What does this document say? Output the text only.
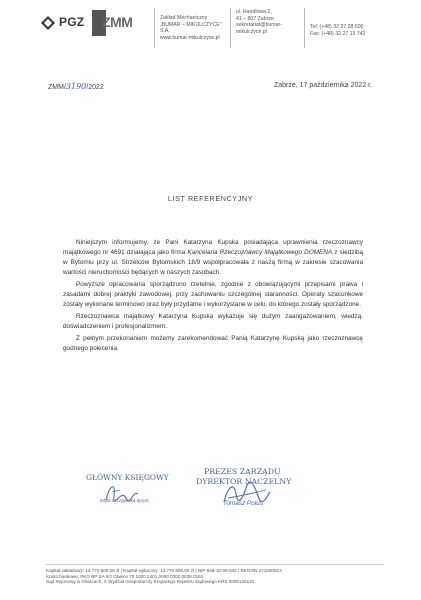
PGZ ZMM	Zakład Mechaniczny
„BUMAR – MIKULCZYCE"
S.A.
www.bumar-mikulczyce.pl
ul. Handlowa 2,
41 – 807 Zabrze
sekretariat@bumar-
mikulczyce.pl
Tel: (+48) 32 37 38 600
Fax: (+48) 32 27 13 742
ZMM/3190/2022	Zabrze, 17 października 2022 r.
LIST REFERENCYJNY

Niniejszym informujemy, że Pani Katarzyna Kupska posiadająca uprawnienia rzeczoznawcy majątkowego nr 4691 działająca jako firma Kancelaria Rzeczoznawcy Majątkowego DOMENA z siedzibą w Bytomiu przy ul. Strzelców Bytomskich 18/9 współpracowała z naszą firmą w zakresie szacowania wartości nieruchomości będących w naszych zasobach.

Powyższe opracowania sporządzono rzetelnie, zgodnie z obowiązującymi przepisami prawa i zasadami dobrej praktyki zawodowej, przy zachowaniu szczególnej staranności. Operaty szacunkowe zostały wykonane terminowo oraz były przydatne i wykorzystane w celu, do którego zostały sporządzone.

Rzeczoznawca majątkowy Katarzyna Kupska wykazuje się dużym zaangażowaniem, wiedzą, doświadczeniem i profesjonalizmem.

Z pełnym przekonaniem możemy zarekomendować Panią Katarzynę Kupską jako rzeczoznawcę godnego polecenia.

GŁÓWNY KSIĘGOWY
Edyta Szczypińska-Spryść
PREZES ZARZĄDU
DYREKTOR NACZELNY
Tomasz Polus
Kapitał zakładowy: 14.770.500,00 zł | Kapitał wpłacony: 14.770.500,00 zł | NIP 648-10-00-642 | REGON 271830823
Konto bankowe: PKO BP SA I/O Gliwice 70 1020 2401 0000 0302 0039 0161
Sąd Rejonowy w Gliwicach, X Wydział Gospodarczy Krajowego Rejestru Sądowego KRS 0000126115
